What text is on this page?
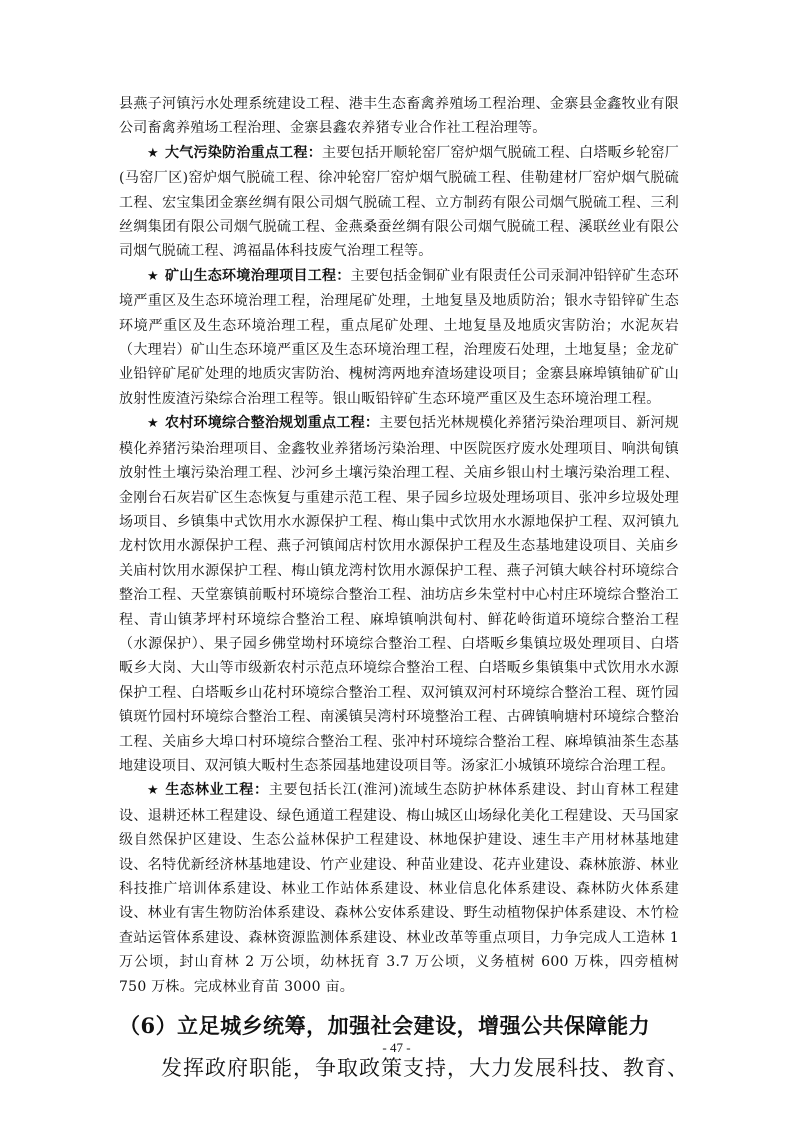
县燕子河镇污水处理系统建设工程、港丰生态畜禽养殖场工程治理、金寨县金鑫牧业有限公司畜禽养殖场工程治理、金寨县鑫农养猪专业合作社工程治理等。

★ 大气污染防治重点工程：主要包括开顺轮窑厂窑炉烟气脱硫工程、白塔畈乡轮窑厂(马窑厂区)窑炉烟气脱硫工程、徐冲轮窑厂窑炉烟气脱硫工程、佳勒建材厂窑炉烟气脱硫工程、宏宝集团金寨丝绸有限公司烟气脱硫工程、立方制药有限公司烟气脱硫工程、三利丝绸集团有限公司烟气脱硫工程、金燕桑蚕丝绸有限公司烟气脱硫工程、溪联丝业有限公司烟气脱硫工程、鸿福晶体科技废气治理工程等。

★ 矿山生态环境治理项目工程：主要包括金铜矿业有限责任公司汞洞冲铅锌矿生态环境严重区及生态环境治理工程，治理尾矿处理，土地复垦及地质防治；银水寺铅锌矿生态环境严重区及生态环境治理工程，重点尾矿处理、土地复垦及地质灾害防治；水泥灰岩（大理岩）矿山生态环境严重区及生态环境治理工程，治理废石处理，土地复垦；金龙矿业铅锌矿尾矿处理的地质灾害防治、槐树湾两地弃渣场建设项目；金寨县麻埠镇铀矿矿山放射性废渣污染综合治理工程等。银山畈铅锌矿生态环境严重区及生态环境治理工程。

★ 农村环境综合整治规划重点工程：主要包括光林规模化养猪污染治理项目、新河规模化养猪污染治理项目、金鑫牧业养猪场污染治理、中医院医疗废水处理项目、响洪甸镇放射性土壤污染治理工程、沙河乡土壤污染治理工程、关庙乡银山村土壤污染治理工程、金刚台石灰岩矿区生态恢复与重建示范工程、果子园乡垃圾处理场项目、张冲乡垃圾处理场项目、乡镇集中式饮用水水源保护工程、梅山集中式饮用水水源地保护工程、双河镇九龙村饮用水源保护工程、燕子河镇闻店村饮用水源保护工程及生态基地建设项目、关庙乡关庙村饮用水源保护工程、梅山镇龙湾村饮用水源保护工程、燕子河镇大峡谷村环境综合整治工程、天堂寨镇前畈村环境综合整治工程、油坊店乡朱堂村中心村庄环境综合整治工程、青山镇茅坪村环境综合整治工程、麻埠镇响洪甸村、鲜花岭街道环境综合整治工程（水源保护）、果子园乡佛堂坳村环境综合整治工程、白塔畈乡集镇垃圾处理项目、白塔畈乡大岗、大山等市级新农村示范点环境综合整治工程、白塔畈乡集镇集中式饮用水水源保护工程、白塔畈乡山花村环境综合整治工程、双河镇双河村环境综合整治工程、斑竹园镇斑竹园村环境综合整治工程、南溪镇吴湾村环境整治工程、古碑镇响塘村环境综合整治工程、关庙乡大埠口村环境综合整治工程、张冲村环境综合整治工程、麻埠镇油茶生态基地建设项目、双河镇大畈村生态茶园基地建设项目等。汤家汇小城镇环境综合治理工程。

★ 生态林业工程：主要包括长江(淮河)流域生态防护林体系建设、封山育林工程建设、退耕还林工程建设、绿色通道工程建设、梅山城区山场绿化美化工程建设、天马国家级自然保护区建设、生态公益林保护工程建设、林地保护建设、速生丰产用材林基地建设、名特优新经济林基地建设、竹产业建设、种苗业建设、花卉业建设、森林旅游、林业科技推广培训体系建设、林业工作站体系建设、林业信息化体系建设、森林防火体系建设、林业有害生物防治体系建设、森林公安体系建设、野生动植物保护体系建设、木竹检查站运管体系建设、森林资源监测体系建设、林业改革等重点项目，力争完成人工造林 1 万公顷，封山育林 2 万公顷，幼林抚育 3.7 万公顷，义务植树 600 万株，四旁植树 750 万株。完成林业育苗 3000 亩。

（6）立足城乡统筹，加强社会建设，增强公共保障能力

发挥政府职能，争取政策支持，大力发展科技、教育、

- 47 -
